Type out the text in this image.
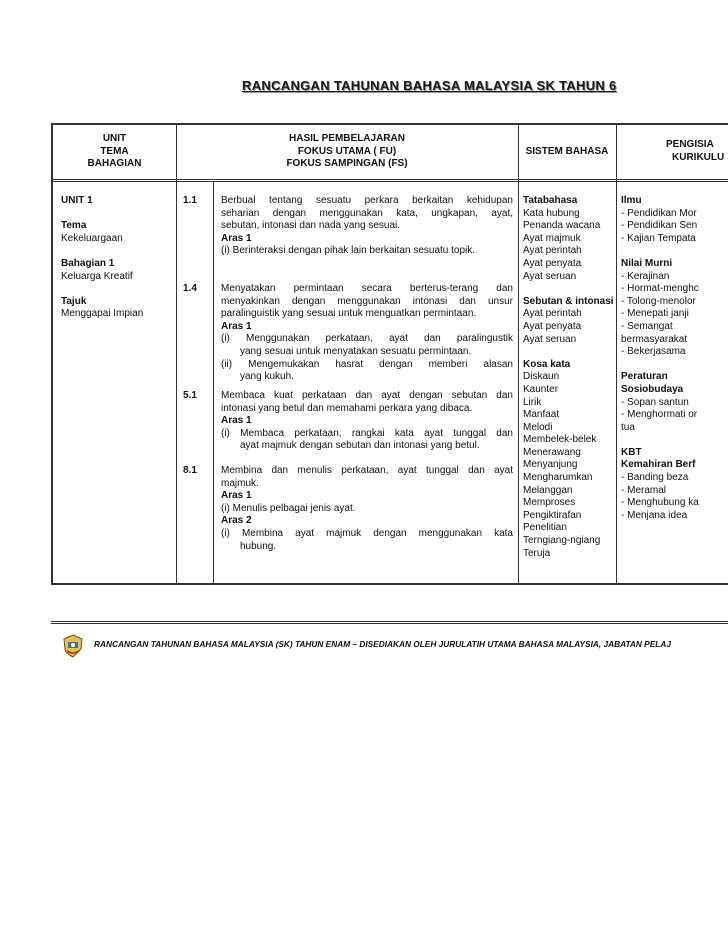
RANCANGAN TAHUNAN BAHASA MALAYSIA SK TAHUN 6
UNIT
TEMA
BAHAGIAN
HASIL PEMBELAJARAN
FOKUS UTAMA ( FU)
FOKUS SAMPINGAN (FS)
SISTEM BAHASA
PENGISIA
KURIKULU
UNIT 1

Tema
Kekeluargaan

Bahagian 1
Keluarga Kreatif

Tajuk
Menggapai Impian
1.1
1.4
5.1
8.1
Berbual tentang sesuatu perkara berkaitan kehidupan
seharian dengan menggunakan kata, ungkapan, ayat,
sebutan, intonasi dan nada yang sesuai.
Aras 1
(i) Berinteraksi dengan pihak lain berkaitan sesuatu topik.
Menyatakan permintaan secara berterus-terang dan
menyakinkan dengan menggunakan intonasi dan unsur
paralinguistik yang sesuai untuk menguatkan permintaan.
Aras 1
(i) Menggunakan perkataan, ayat dan paralingustik
yang sesuai untuk menyatakan sesuatu permintaan.
(ii) Mengemukakan hasrat dengan memberi alasan
yang kukuh.
Membaca kuat perkataan dan ayat dengan sebutan dan
intonasi yang betul dan memahami perkara yang dibaca.
Aras 1
(i) Membaca perkataan, rangkai kata ayat tunggal dan
ayat majmuk dengan sebutan dan intonasi yang betul.
Membina dan menulis perkataan, ayat tunggal dan ayat
majmuk.
Aras 1
(i) Menulis pelbagai jenis ayat.
Aras 2
(i) Membina ayat majmuk dengan menggunakan kata
hubung.
Tatabahasa
Kata hubung
Penanda wacana
Ayat majmuk
Ayat perintah
Ayat penyata
Ayat seruan

Sebutan & intonasi
Ayat perintah
Ayat penyata
Ayat seruan

Kosa kata
Diskaun
Kaunter
Lirik
Manfaat
Melodi
Membelek-belek
Menerawang
Menyanjung
Mengharumkan
Melanggan
Memproses
Pengiktirafan
Penelitian
Terngiang-ngiang
Teruja
Ilmu
- Pendidikan Mor
- Pendidikan Sen
- Kajian Tempata

Nilai Murni
- Kerajinan
- Hormat-menghc
- Tolong-menolor
- Menepati janji
- Semangat
bermasyarakat
- Bekerjasama

Peraturan
Sosiobudaya
- Sopan santun
- Menghormati or
tua

KBT
Kemahiran Berf
- Banding beza
- Meramal
- Menghubung ka
- Menjana idea
RANCANGAN TAHUNAN BAHASA MALAYSIA (SK) TAHUN ENAM – DISEDIAKAN OLEH JURULATIH UTAMA BAHASA MALAYSIA, JABATAN PELAJ
